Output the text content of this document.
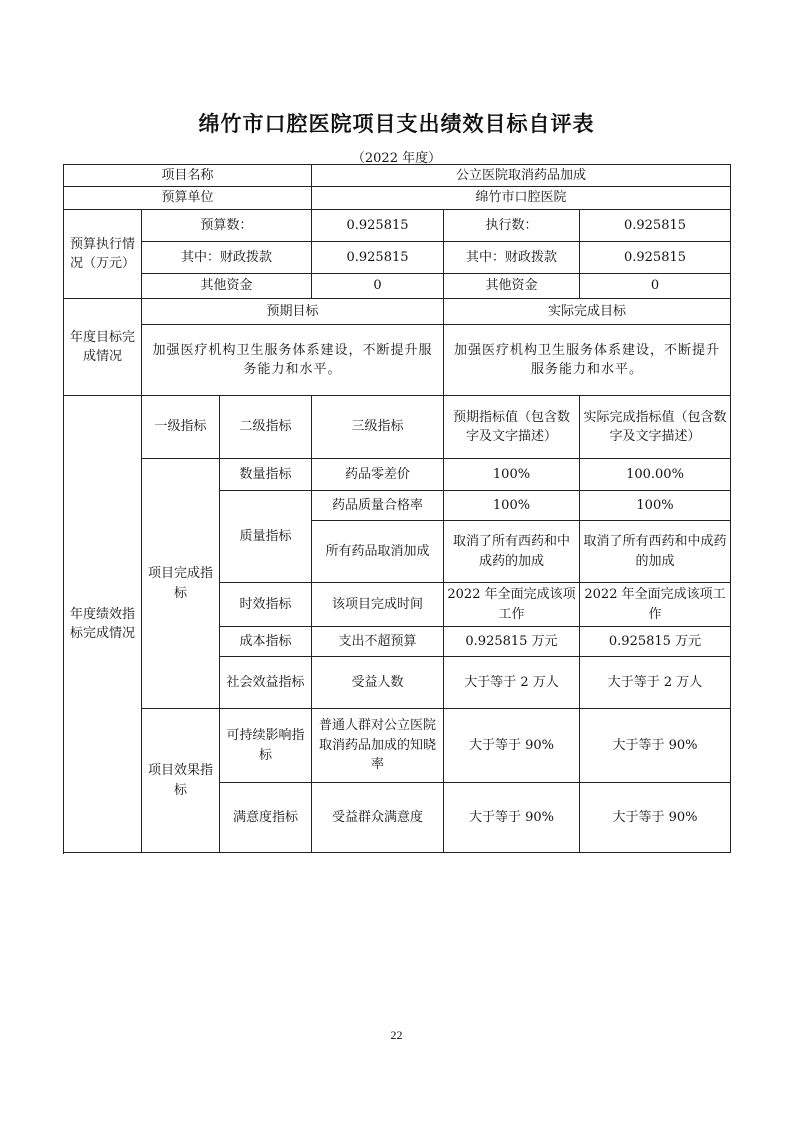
绵竹市口腔医院项目支出绩效目标自评表
（2022 年度）
项目名称			公立医院取消药品加成		
预算单位			绵竹市口腔医院		
预算执行情况（万元）	预算数：		0.925815	执行数：	0.925815
	其中：财政拨款		0.925815	其中：财政拨款	0.925815
	其他资金		0	其他资金	0
年度目标完成情况	预期目标			实际完成目标	
	加强医疗机构卫生服务体系建设，不断提升服务能力和水平。			加强医疗机构卫生服务体系建设，不断提升服务能力和水平。	
年度绩效指标完成情况	一级指标	二级指标	三级指标	预期指标值（包含数字及文字描述）	实际完成指标值（包含数字及文字描述）
	项目完成指标	数量指标	药品零差价	100%	100.00%
		质量指标	药品质量合格率	100%	100%
			所有药品取消加成	取消了所有西药和中成药的加成	取消了所有西药和中成药的加成
		时效指标	该项目完成时间	2022 年全面完成该项工作	2022 年全面完成该项工作
		成本指标	支出不超预算	0.925815 万元	0.925815 万元
		社会效益指标	受益人数	大于等于 2 万人	大于等于 2 万人
	项目效果指标	可持续影响指标	普通人群对公立医院取消药品加成的知晓率	大于等于 90%	大于等于 90%
		满意度指标	受益群众满意度	大于等于 90%	大于等于 90%

22
